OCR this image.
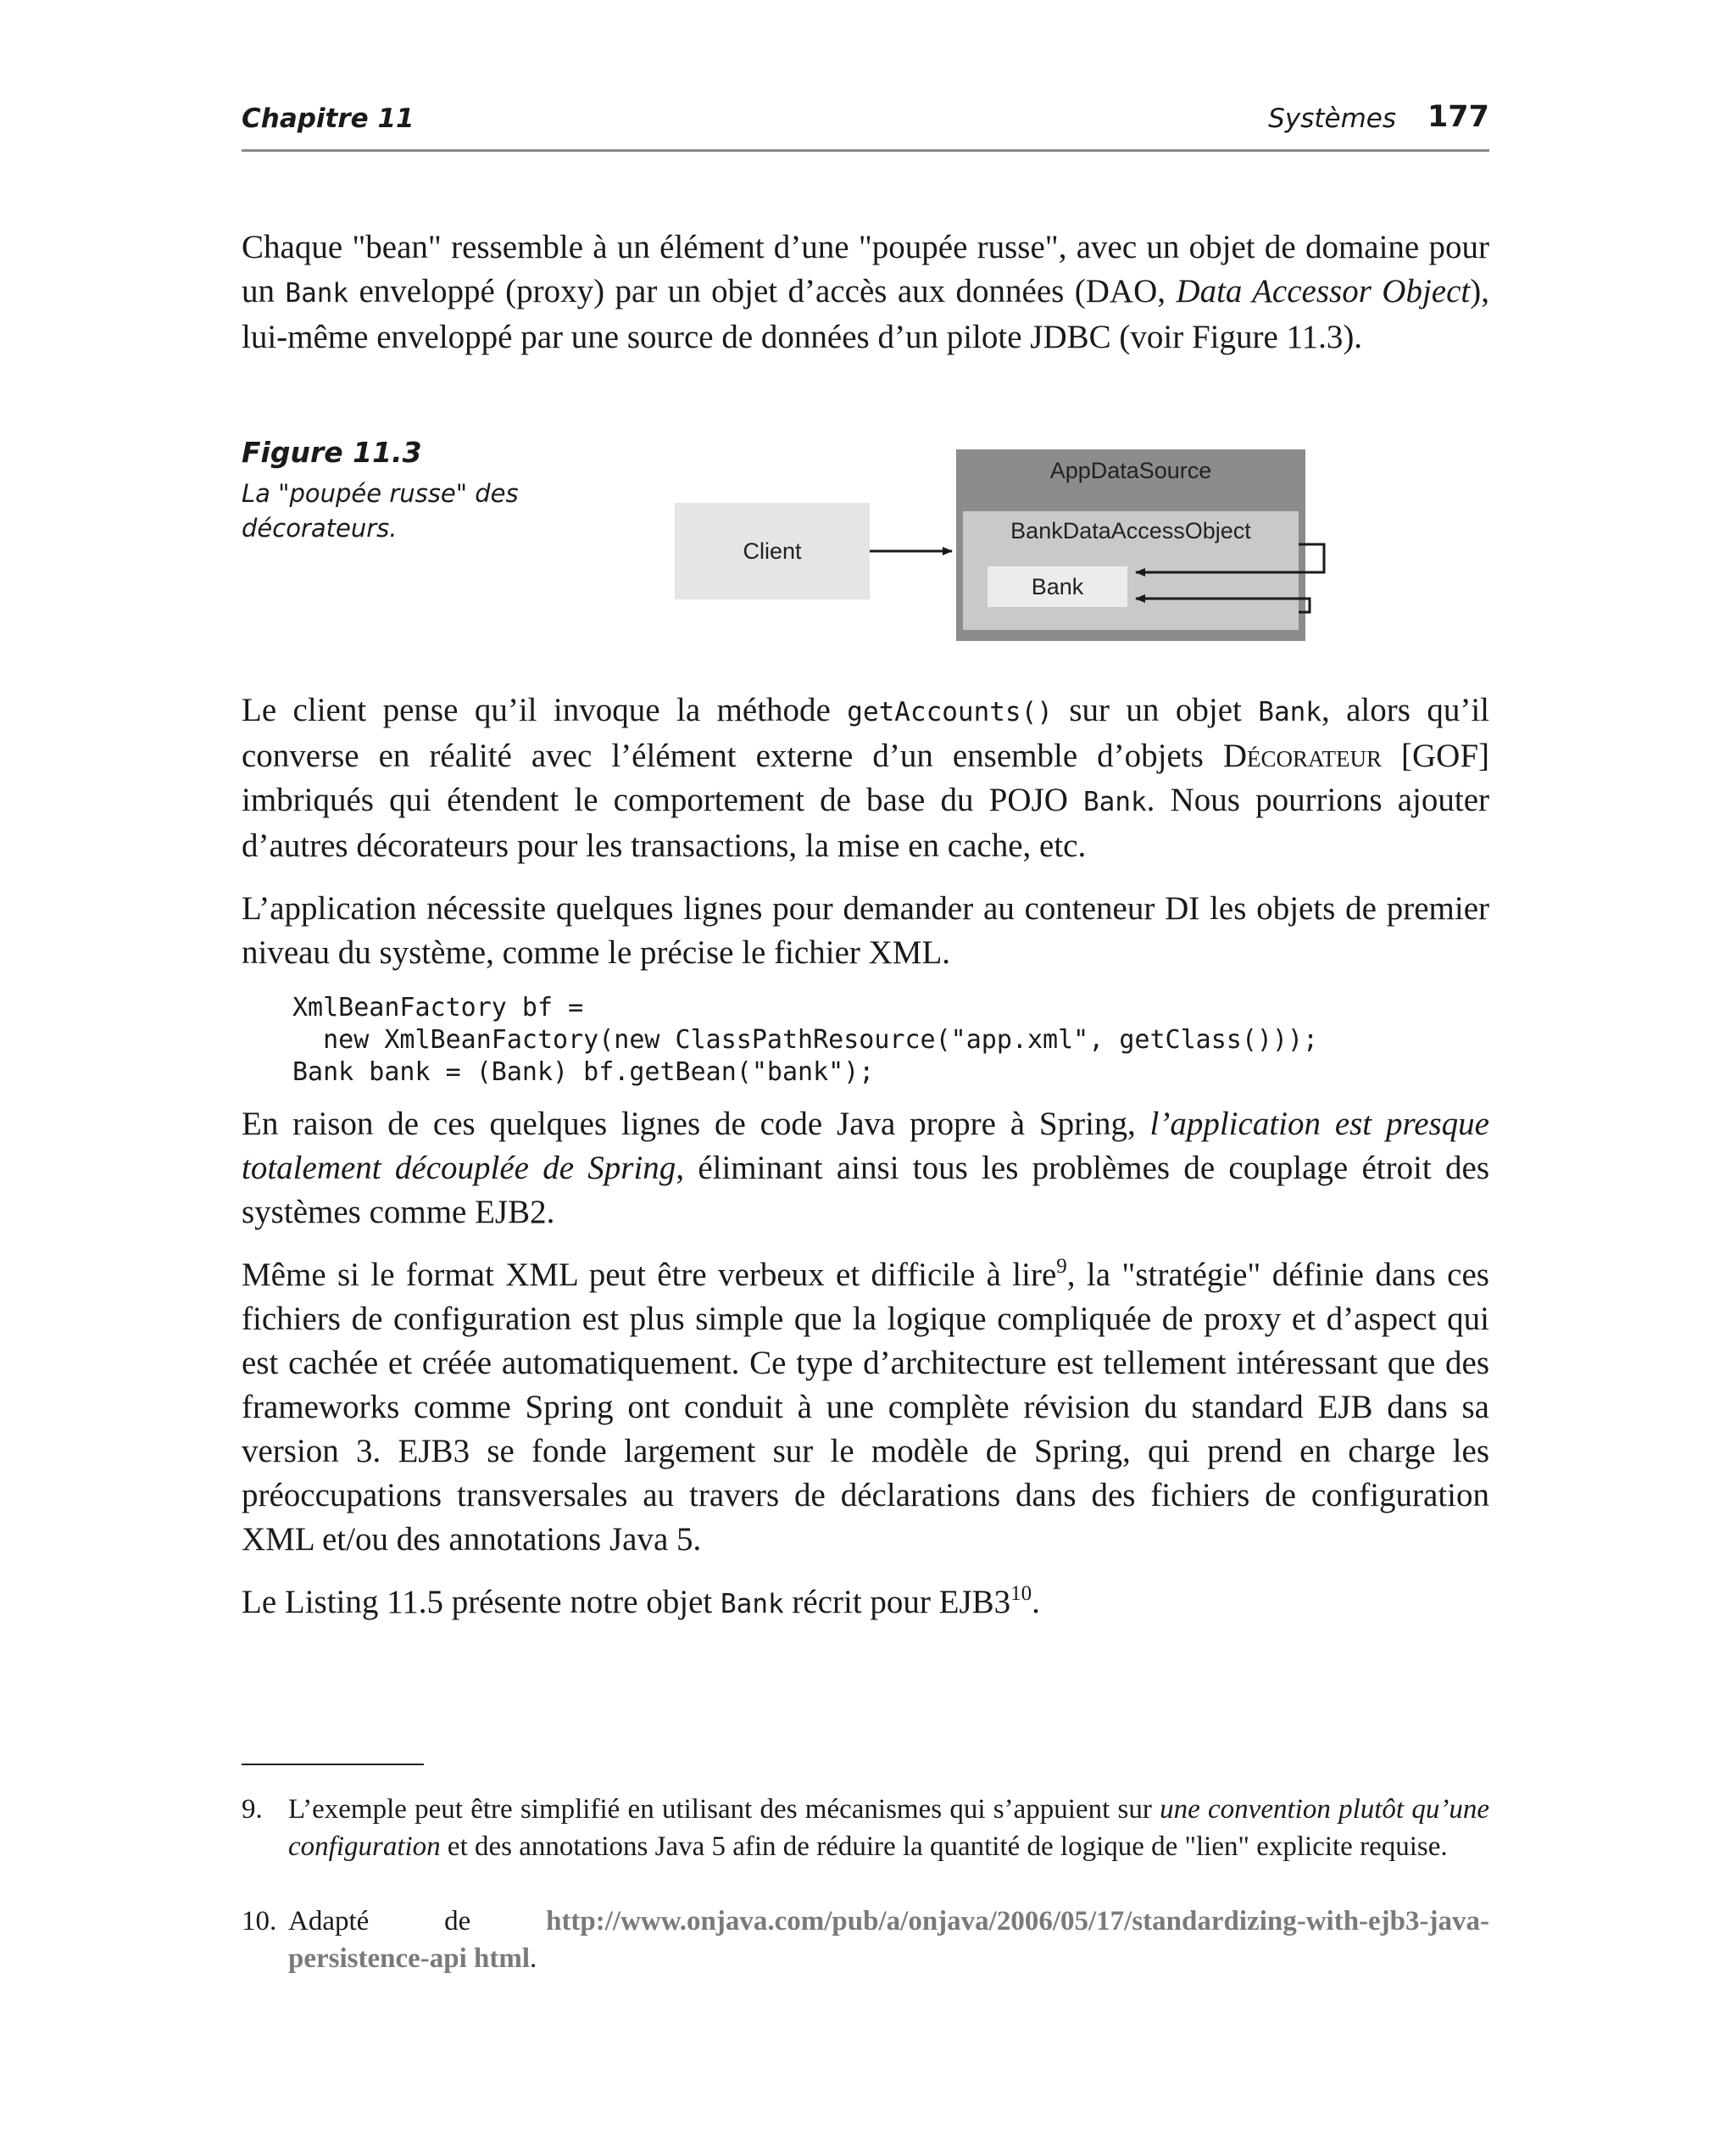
Chapitre 11	Systèmes 177

Chaque "bean" ressemble à un élément d’une "poupée russe", avec un objet de domaine pour un Bank enveloppé (proxy) par un objet d’accès aux données (DAO, Data Accessor Object), lui-même enveloppé par une source de données d’un pilote JDBC (voir Figure 11.3).

Figure 11.3
La "poupée russe" des décorateurs.
Client
AppDataSource
BankDataAccessObject
Bank

Le client pense qu’il invoque la méthode getAccounts() sur un objet Bank, alors qu’il converse en réalité avec l’élément externe d’un ensemble d’objets Décorateur [GOF] imbriqués qui étendent le comportement de base du POJO Bank. Nous pourrions ajouter d’autres décorateurs pour les transactions, la mise en cache, etc.

L’application nécessite quelques lignes pour demander au conteneur DI les objets de premier niveau du système, comme le précise le fichier XML.

XmlBeanFactory bf =
new XmlBeanFactory(new ClassPathResource("app.xml", getClass()));
Bank bank = (Bank) bf.getBean("bank");

En raison de ces quelques lignes de code Java propre à Spring, l’application est presque totalement découplée de Spring, éliminant ainsi tous les problèmes de couplage étroit des systèmes comme EJB2.

Même si le format XML peut être verbeux et difficile à lire$^9$, la "stratégie" définie dans ces fichiers de configuration est plus simple que la logique compliquée de proxy et d’aspect qui est cachée et créée automatiquement. Ce type d’architecture est tellement intéressant que des frameworks comme Spring ont conduit à une complète révision du standard EJB dans sa version 3. EJB3 se fonde largement sur le modèle de Spring, qui prend en charge les préoccupations transversales au travers de déclarations dans des fichiers de configuration XML et/ou des annotations Java 5.

Le Listing 11.5 présente notre objet Bank récrit pour $EJB3^{10}$.

9. L’exemple peut être simplifié en utilisant des mécanismes qui s’appuient sur une convention plutôt qu’une configuration et des annotations Java 5 afin de réduire la quantité de logique de "lien" explicite requise.
10. Adapté de http://www.onjava.com/pub/a/onjava/2006/05/17/standardizing-with-ejb3-java-persistence-api html.
